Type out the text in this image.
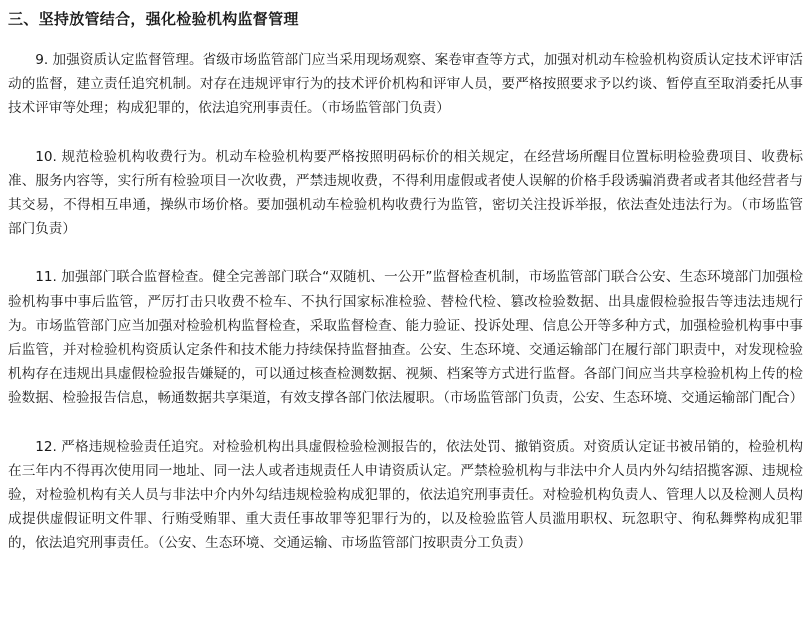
三、坚持放管结合，强化检验机构监督管理

9. 加强资质认定监督管理。省级市场监管部门应当采用现场观察、案卷审查等方式，加强对机动车检验机构资质认定技术评审活动的监督，建立责任追究机制。对存在违规评审行为的技术评价机构和评审人员，要严格按照要求予以约谈、暂停直至取消委托从事技术评审等处理；构成犯罪的，依法追究刑事责任。（市场监管部门负责）

10. 规范检验机构收费行为。机动车检验机构要严格按照明码标价的相关规定，在经营场所醒目位置标明检验费项目、收费标准、服务内容等，实行所有检验项目一次收费，严禁违规收费，不得利用虚假或者使人误解的价格手段诱骗消费者或者其他经营者与其交易，不得相互串通，操纵市场价格。要加强机动车检验机构收费行为监管，密切关注投诉举报，依法查处违法行为。（市场监管部门负责）

11. 加强部门联合监督检查。健全完善部门联合“双随机、一公开”监督检查机制，市场监管部门联合公安、生态环境部门加强检验机构事中事后监管，严厉打击只收费不检车、不执行国家标准检验、替检代检、篡改检验数据、出具虚假检验报告等违法违规行为。市场监管部门应当加强对检验机构监督检查，采取监督检查、能力验证、投诉处理、信息公开等多种方式，加强检验机构事中事后监管，并对检验机构资质认定条件和技术能力持续保持监督抽查。公安、生态环境、交通运输部门在履行部门职责中，对发现检验机构存在违规出具虚假检验报告嫌疑的，可以通过核查检测数据、视频、档案等方式进行监督。各部门间应当共享检验机构上传的检验数据、检验报告信息，畅通数据共享渠道，有效支撑各部门依法履职。（市场监管部门负责，公安、生态环境、交通运输部门配合）

12. 严格违规检验责任追究。对检验机构出具虚假检验检测报告的，依法处罚、撤销资质。对资质认定证书被吊销的，检验机构在三年内不得再次使用同一地址、同一法人或者违规责任人申请资质认定。严禁检验机构与非法中介人员内外勾结招揽客源、违规检验，对检验机构有关人员与非法中介内外勾结违规检验构成犯罪的，依法追究刑事责任。对检验机构负责人、管理人以及检测人员构成提供虚假证明文件罪、行贿受贿罪、重大责任事故罪等犯罪行为的，以及检验监管人员滥用职权、玩忽职守、徇私舞弊构成犯罪的，依法追究刑事责任。（公安、生态环境、交通运输、市场监管部门按职责分工负责）
